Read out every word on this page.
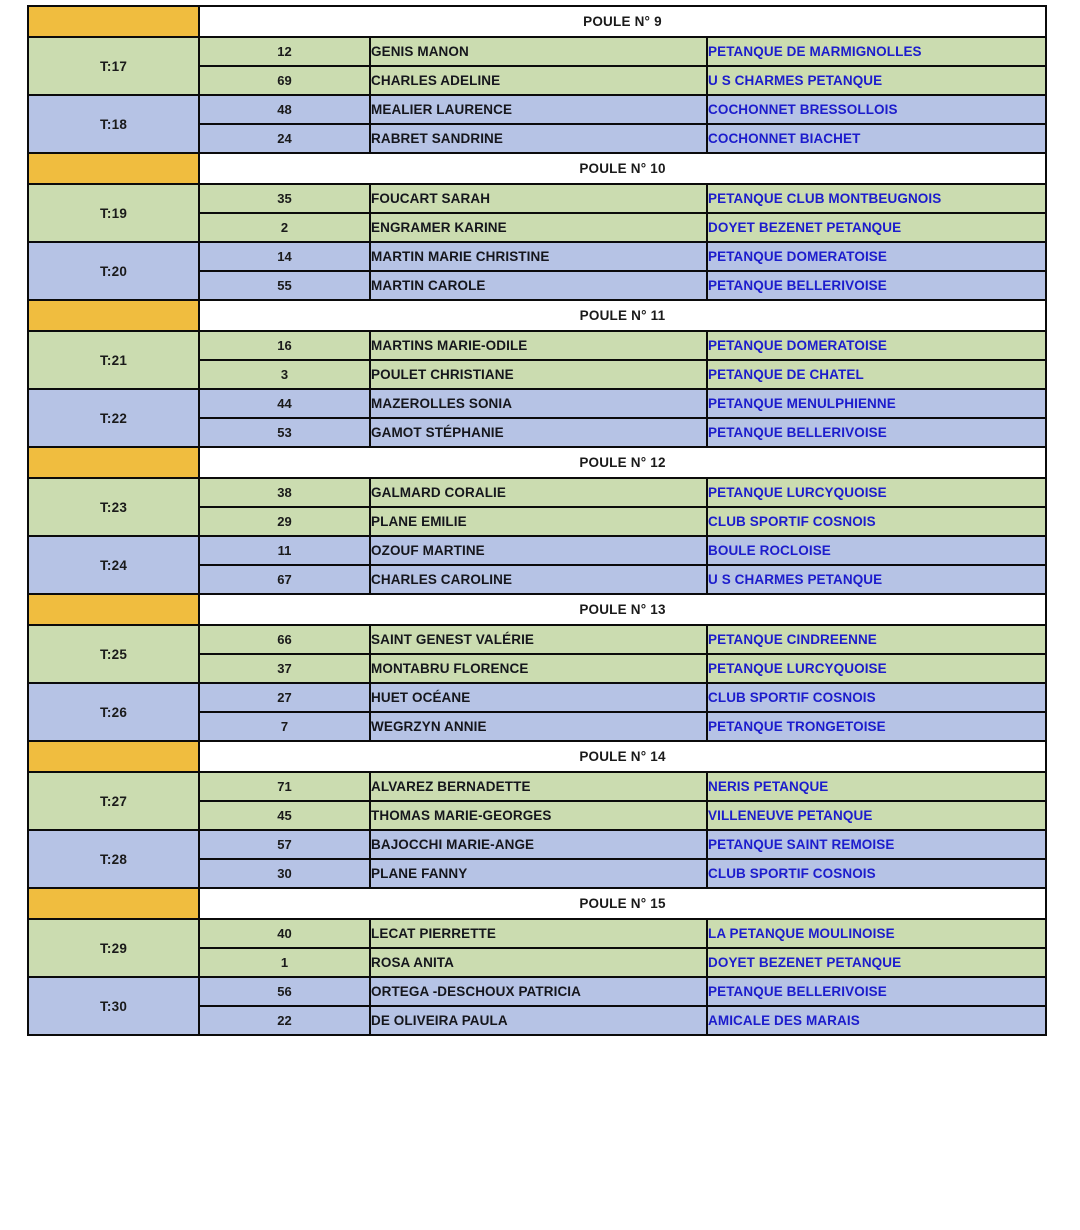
	POULE N° 9		
T:17	12	GENIS MANON	PETANQUE DE MARMIGNOLLES
	69	CHARLES ADELINE	U S CHARMES PETANQUE
T:18	48	MEALIER LAURENCE	COCHONNET BRESSOLLOIS
	24	RABRET SANDRINE	COCHONNET BIACHET
	POULE N° 10		
T:19	35	FOUCART SARAH	PETANQUE CLUB MONTBEUGNOIS
	2	ENGRAMER KARINE	DOYET BEZENET PETANQUE
T:20	14	MARTIN MARIE CHRISTINE	PETANQUE DOMERATOISE
	55	MARTIN CAROLE	PETANQUE BELLERIVOISE
	POULE N° 11		
T:21	16	MARTINS MARIE-ODILE	PETANQUE DOMERATOISE
	3	POULET CHRISTIANE	PETANQUE DE CHATEL
T:22	44	MAZEROLLES SONIA	PETANQUE MENULPHIENNE
	53	GAMOT STÉPHANIE	PETANQUE BELLERIVOISE
	POULE N° 12		
T:23	38	GALMARD CORALIE	PETANQUE LURCYQUOISE
	29	PLANE EMILIE	CLUB SPORTIF COSNOIS
T:24	11	OZOUF MARTINE	BOULE ROCLOISE
	67	CHARLES CAROLINE	U S CHARMES PETANQUE
	POULE N° 13		
T:25	66	SAINT GENEST VALÉRIE	PETANQUE CINDREENNE
	37	MONTABRU FLORENCE	PETANQUE LURCYQUOISE
T:26	27	HUET OCÉANE	CLUB SPORTIF COSNOIS
	7	WEGRZYN ANNIE	PETANQUE TRONGETOISE
	POULE N° 14		
T:27	71	ALVAREZ BERNADETTE	NERIS PETANQUE
	45	THOMAS MARIE-GEORGES	VILLENEUVE PETANQUE
T:28	57	BAJOCCHI MARIE-ANGE	PETANQUE SAINT REMOISE
	30	PLANE FANNY	CLUB SPORTIF COSNOIS
	POULE N° 15		
T:29	40	LECAT PIERRETTE	LA PETANQUE MOULINOISE
	1	ROSA ANITA	DOYET BEZENET PETANQUE
T:30	56	ORTEGA -DESCHOUX PATRICIA	PETANQUE BELLERIVOISE
	22	DE OLIVEIRA PAULA	AMICALE DES MARAIS
